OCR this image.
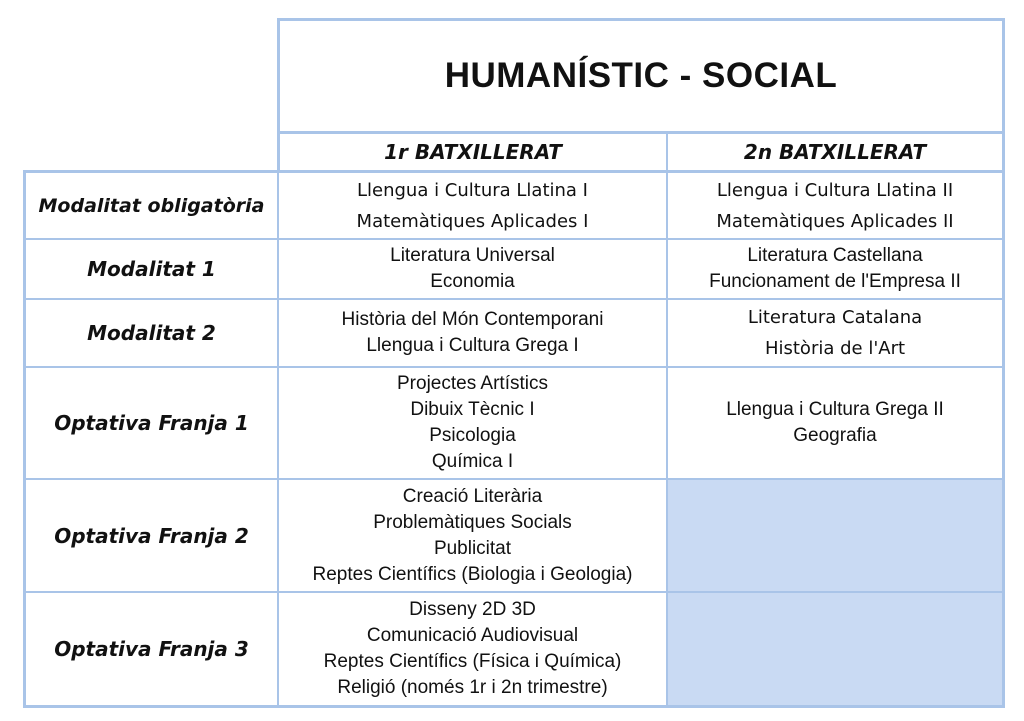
HUMANÍSTIC - SOCIAL
1r BATXILLERAT	2n BATXILLERAT
Modalitat obligatòria
Llengua i Cultura Llatina I
Matemàtiques Aplicades I
Llengua i Cultura Llatina II
Matemàtiques Aplicades II
Modalitat 1
Literatura Universal
Economia
Literatura Castellana
Funcionament de l'Empresa II
Modalitat 2
Història del Món Contemporani
Llengua i Cultura Grega I
Literatura Catalana
Història de l'Art
Optativa Franja 1
Projectes Artístics
Dibuix Tècnic I
Psicologia
Química I
Llengua i Cultura Grega II
Geografia
Optativa Franja 2
Creació Literària
Problemàtiques Socials
Publicitat
Reptes Científics (Biologia i Geologia)
Optativa Franja 3
Disseny 2D 3D
Comunicació Audiovisual
Reptes Científics (Física i Química)
Religió (només 1r i 2n trimestre)
